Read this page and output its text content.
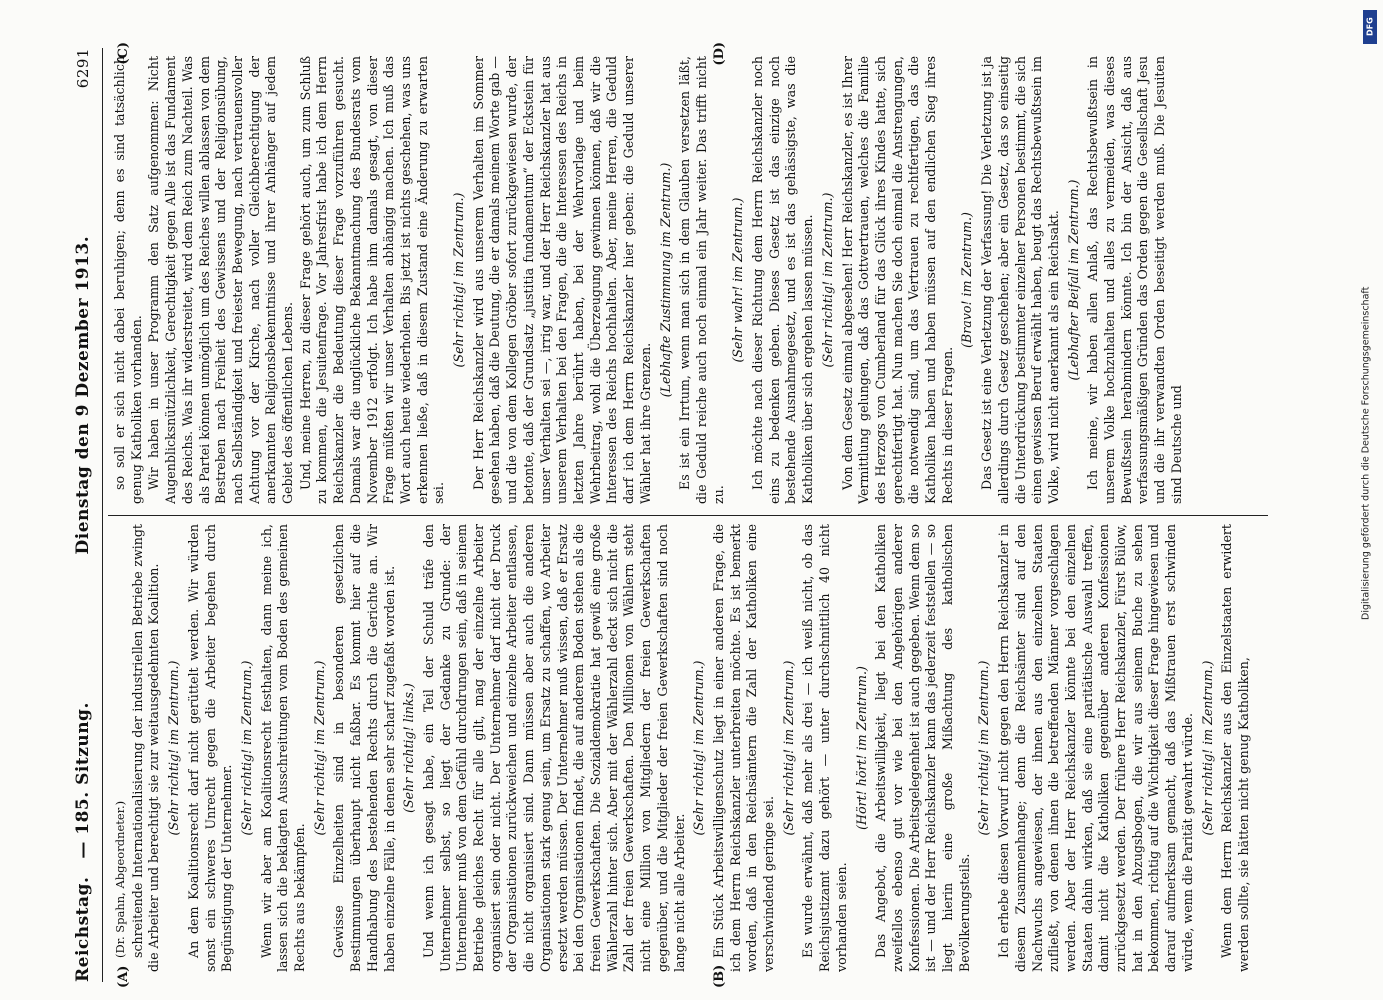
Reichstag.
— 185. Sitzung.
Dienstag den 9 Dezember 1913.
6291
(A)	(B)
(C)	(D)

(Dr. Spahn, Abgeordneter.) schreitende Internationalisierung der industriellen Betriebe zwingt die Arbeiter und berechtigt sie zur weitausgedehnten Koalition. (Sehr richtig! im Zentrum.) An dem Koalitionsrecht darf nicht gerüttelt werden. Wir würden sonst ein schweres Unrecht gegen die Arbeiter begehen durch Begünstigung der Unternehmer.

(Sehr richtig! im Zentrum.) Wenn wir aber am Koalitionsrecht festhalten, dann meine ich, lassen sich die beklagten Ausschreitungen vom Boden des gemeinen Rechts aus bekämpfen.

(Sehr richtig! im Zentrum.) Gewisse Einzelheiten sind in besonderen gesetzlichen Bestimmungen überhaupt nicht faßbar. Es kommt hier auf die Handhabung des bestehenden Rechts durch die Gerichte an. Wir haben einzelne Fälle, in denen sehr scharf zugefaßt worden ist. (Sehr richtig! links.) Und wenn ich gesagt habe, ein Teil der Schuld träfe den Unternehmer selbst, so liegt der Gedanke zu Grunde: der Unternehmer muß von dem Gefühl durchdrungen sein, daß in seinem Betriebe gleiches Recht für alle gilt, mag der einzelne Arbeiter organisiert sein oder nicht. Der Unternehmer darf nicht der Druck der Organisationen zurückweichen und einzelne Arbeiter entlassen, die nicht organisiert sind. Dann müssen aber auch die anderen Organisationen stark genug sein, um Ersatz zu schaffen, wo Arbeiter ersetzt werden müssen. Der Unternehmer muß wissen, daß er Ersatz bei den Organisationen findet, die auf anderem Boden stehen als die freien Gewerkschaften. Die Sozialdemokratie hat gewiß eine große Wählerzahl hinter sich. Aber mit der Wählerzahl deckt sich nicht die Zahl der freien Gewerkschaften. Den Millionen von Wählern steht nicht eine Million von Mitgliedern der freien Gewerkschaften gegenüber, und die Mitglieder der freien Gewerkschaften sind noch lange nicht alle Arbeiter.

(Sehr richtig! im Zentrum.) Ein Stück Arbeitswilligenschutz liegt in einer anderen Frage, die ich dem Herrn Reichskanzler unterbreiten möchte. Es ist bemerkt worden, daß in den Reichsämtern die Zahl der Katholiken eine verschwindend geringe sei.

(Sehr richtig! im Zentrum.) Es wurde erwähnt, daß mehr als drei — ich weiß nicht, ob das Reichsjustizamt dazu gehört — unter durchschnittlich 40 nicht vorhanden seien.

(Hört! hört! im Zentrum.) Das Angebot, die Arbeitswilligkeit, liegt bei den Katholiken zweifellos ebenso gut vor wie bei den Angehörigen anderer Konfessionen. Die Arbeitsgelegenheit ist auch gegeben. Wenn dem so ist — und der Herr Reichskanzler kann das jederzeit feststellen — so liegt hierin eine große Mißachtung des katholischen Bevölkerungsteils.

(Sehr richtig! im Zentrum.) Ich erhebe diesen Vorwurf nicht gegen den Herrn Reichskanzler in diesem Zusammenhange; denn die Reichsämter sind auf den Nachwuchs angewiesen, der ihnen aus den einzelnen Staaten zufließt, von denen ihnen die betreffenden Männer vorgeschlagen werden. Aber der Herr Reichskanzler könnte bei den einzelnen Staaten dahin wirken, daß sie eine paritätische Auswahl treffen, damit nicht die Katholiken gegenüber anderen Konfessionen zurückgesetzt werden. Der frühere Herr Reichskanzler, Fürst Bülow, hat in den Abzugsbogen, die wir aus seinem Buche zu sehen bekommen, richtig auf die Wichtigkeit dieser Frage hingewiesen und darauf aufmerksam gemacht, daß das Mißtrauen erst schwinden würde, wenn die Parität gewahrt würde. (Sehr richtig! im Zentrum.) Wenn dem Herrn Reichskanzler aus den Einzelstaaten erwidert werden sollte, sie hätten nicht genug Katholiken,

so soll er sich nicht dabei beruhigen; denn es sind tatsächlich genug Katholiken vorhanden. Wir haben in unser Programm den Satz aufgenommen: Nicht Augenblicksnützlichkeit, Gerechtigkeit gegen Alle ist das Fundament des Reichs. Was ihr widerstreitet, wird dem Reich zum Nachteil. Was als Partei können unmöglich um des Reiches willen ablassen von dem Bestreben nach Freiheit des Gewissens und der Religionsübung, nach Selbständigkeit und freiester Bewegung, nach vertrauensvoller Achtung vor der Kirche, nach voller Gleichberechtigung der anerkannten Religionsbekenntnisse und ihrer Anhänger auf jedem Gebiet des öffentlichen Lebens. Und, meine Herren, zu dieser Frage gehört auch, um zum Schluß zu kommen, die Jesuitenfrage. Vor Jahresfrist habe ich dem Herrn Reichskanzler die Bedeutung dieser Frage vorzuführen gesucht. Damals war die unglückliche Bekanntmachung des Bundesrats vom November 1912 erfolgt. Ich habe ihm damals gesagt, von dieser Frage müßten wir unser Verhalten abhängig machen. Ich muß das Wort auch heute wiederholen. Bis jetzt ist nichts geschehen, was uns erkennen ließe, daß in diesem Zustand eine Änderung zu erwarten sei.

(Sehr richtig! im Zentrum.) Der Herr Reichskanzler wird aus unserem Verhalten im Sommer gesehen haben, daß die Deutung, die er damals meinem Worte gab — und die von dem Kollegen Gröber sofort zurückgewiesen wurde, der betonte, daß der Grundsatz „justitia fundamentum“ der Eckstein für unser Verhalten sei —, irrig war, und der Herr Reichskanzler hat aus unserem Verhalten bei den Fragen, die die Interessen des Reichs in letzten Jahre berührt haben, bei der Wehrvorlage und beim Wehrbeitrag, wohl die Überzeugung gewinnen können, daß wir die Interessen des Reichs hochhalten. Aber, meine Herren, die Geduld darf ich dem Herrn Reichskanzler hier geben: die Geduld unserer Wähler hat ihre Grenzen.

(Lebhafte Zustimmung im Zentrum.) Es ist ein Irrtum, wenn man sich in dem Glauben versetzen läßt, die Geduld reiche auch noch einmal ein Jahr weiter. Das trifft nicht zu.

(Sehr wahr! im Zentrum.) Ich möchte nach dieser Richtung dem Herrn Reichskanzler noch eins zu bedenken geben. Dieses Gesetz ist das einzige noch bestehende Ausnahmegesetz, und es ist das gehässigste, was die Katholiken über sich ergehen lassen müssen. (Sehr richtig! im Zentrum.) Von dem Gesetz einmal abgesehen! Herr Reichskanzler, es ist Ihrer Vermittlung gelungen, daß das Gottvertrauen, welches die Familie des Herzogs von Cumberland für das Glück ihres Kindes hatte, sich gerechtfertigt hat. Nun machen Sie doch einmal die Anstrengungen, die notwendig sind, um das Vertrauen zu rechtfertigen, das die Katholiken haben und haben müssen auf den endlichen Sieg ihres Rechts in dieser Fragen.

(Bravo! im Zentrum.) Das Gesetz ist eine Verletzung der Verfassung! Die Verletzung ist ja allerdings durch Gesetz geschehen; aber ein Gesetz, das so einseitig die Unterdrückung bestimmter einzelner Personen bestimmt, die sich einen gewissen Beruf erwählt haben, beugt das Rechtsbewußtsein im Volke, wird nicht anerkannt als ein Reichsakt. (Lebhafter Beifall im Zentrum.) Ich meine, wir haben allen Anlaß, das Rechtsbewußtsein in unserem Volke hochzuhalten und alles zu vermeiden, was dieses Bewußtsein herabmindern könnte. Ich bin der Ansicht, daß aus verfassungsmäßigen Gründen das Orden gegen die Gesellschaft Jesu und die ihr verwandten Orden beseitigt werden muß. Die Jesuiten sind Deutsche und

DFG
Digitalisierung gefördert durch die Deutsche Forschungsgemeinschaft
